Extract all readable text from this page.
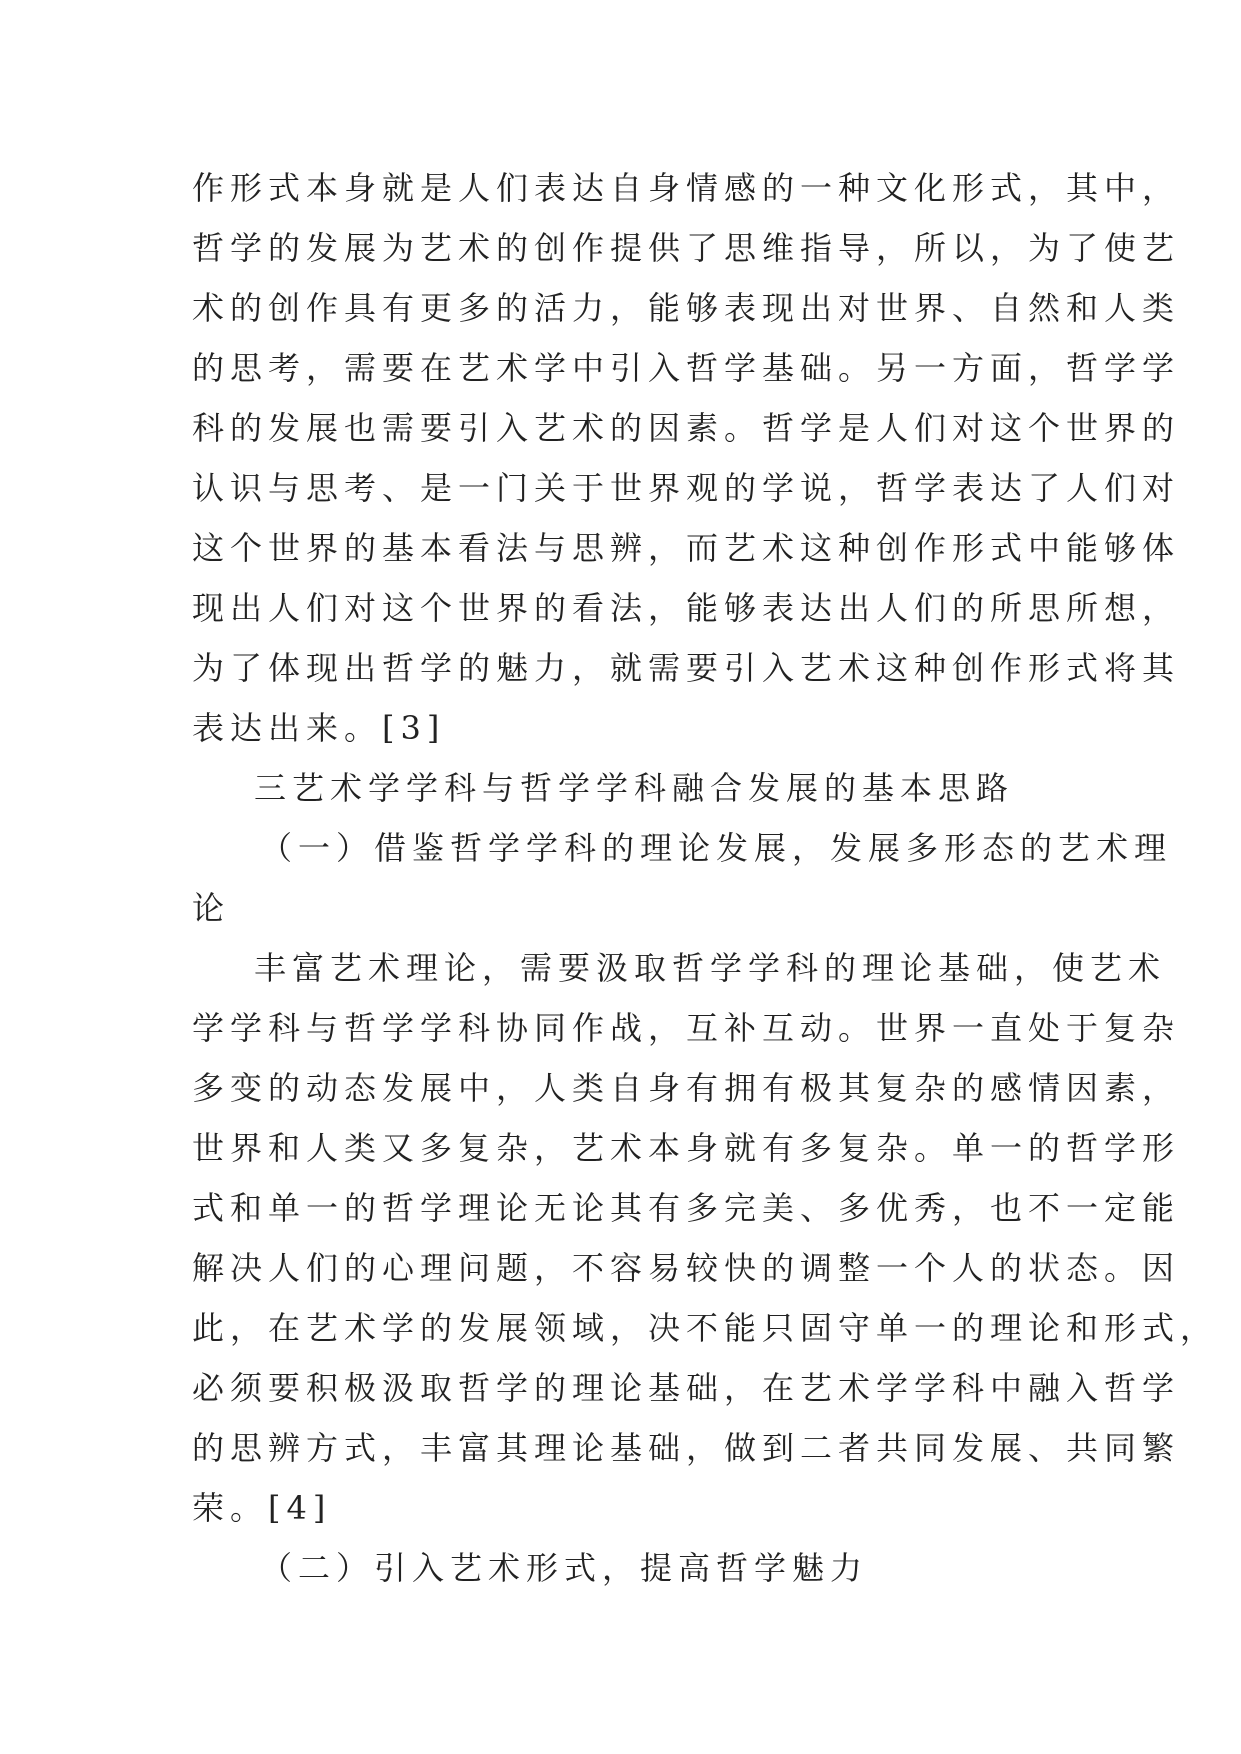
作形式本身就是人们表达自身情感的一种文化形式，其中，
哲学的发展为艺术的创作提供了思维指导，所以，为了使艺
术的创作具有更多的活力，能够表现出对世界、自然和人类
的思考，需要在艺术学中引入哲学基础。另一方面，哲学学
科的发展也需要引入艺术的因素。哲学是人们对这个世界的
认识与思考、是一门关于世界观的学说，哲学表达了人们对
这个世界的基本看法与思辨，而艺术这种创作形式中能够体
现出人们对这个世界的看法，能够表达出人们的所思所想，
为了体现出哲学的魅力，就需要引入艺术这种创作形式将其
表达出来。[3]
三艺术学学科与哲学学科融合发展的基本思路
（一）借鉴哲学学科的理论发展，发展多形态的艺术理
论
丰富艺术理论，需要汲取哲学学科的理论基础，使艺术
学学科与哲学学科协同作战，互补互动。世界一直处于复杂
多变的动态发展中，人类自身有拥有极其复杂的感情因素，
世界和人类又多复杂，艺术本身就有多复杂。单一的哲学形
式和单一的哲学理论无论其有多完美、多优秀，也不一定能
解决人们的心理问题，不容易较快的调整一个人的状态。因
此，在艺术学的发展领域，决不能只固守单一的理论和形式，
必须要积极汲取哲学的理论基础，在艺术学学科中融入哲学
的思辨方式，丰富其理论基础，做到二者共同发展、共同繁
荣。[4]
（二）引入艺术形式，提高哲学魅力
